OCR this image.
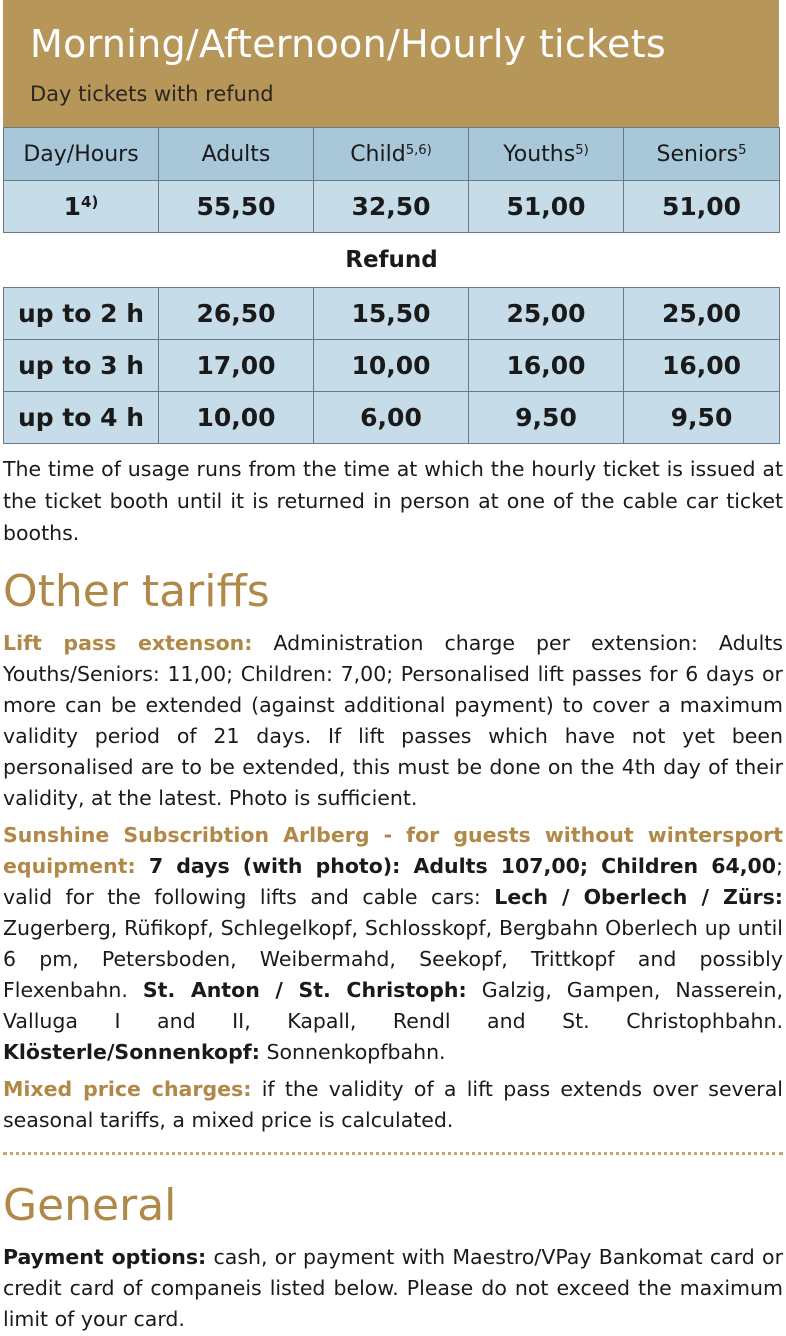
Morning/Afternoon/Hourly tickets
Day tickets with refund
Day/Hours	Adults	Child$^{5,6)}$	Youths$^{5)}$	Seniors$^5$
1$^{4)}$	55,50	32,50	51,00	51,00
Refund				
up to 2 h	26,50	15,50	25,00	25,00
up to 3 h	17,00	10,00	16,00	16,00
up to 4 h	10,00	6,00	9,50	9,50
The time of usage runs from the time at which the hourly ticket is issued at the ticket booth until it is returned in person at one of the cable car ticket booths.
Other tariffs
Lift pass extenson: Administration charge per extension: Adults Youths/Seniors: 11,00; Children: 7,00; Personalised lift passes for 6 days or more can be extended (against additional payment) to cover a maximum validity period of 21 days. If lift passes which have not yet been personalised are to be extended, this must be done on the 4th day of their validity, at the latest. Photo is sufficient.
Sunshine Subscribtion Arlberg - for guests without wintersport equipment: 7 days (with photo): Adults 107,00; Children 64,00; valid for the following lifts and cable cars: Lech / Oberlech / Zürs: Zugerberg, Rüfikopf, Schlegelkopf, Schlosskopf, Bergbahn Oberlech up until 6 pm, Petersboden, Weibermahd, Seekopf, Trittkopf and possibly Flexenbahn. St. Anton / St. Christoph: Galzig, Gampen, Nasserein, Valluga I and II, Kapall, Rendl and St. Christophbahn. Klösterle/Sonnenkopf: Sonnenkopfbahn.
Mixed price charges: if the validity of a lift pass extends over several seasonal tariffs, a mixed price is calculated.
General
Payment options: cash, or payment with Maestro/VPay Bankomat card or credit card of companeis listed below. Please do not exceed the maximum limit of your card.
